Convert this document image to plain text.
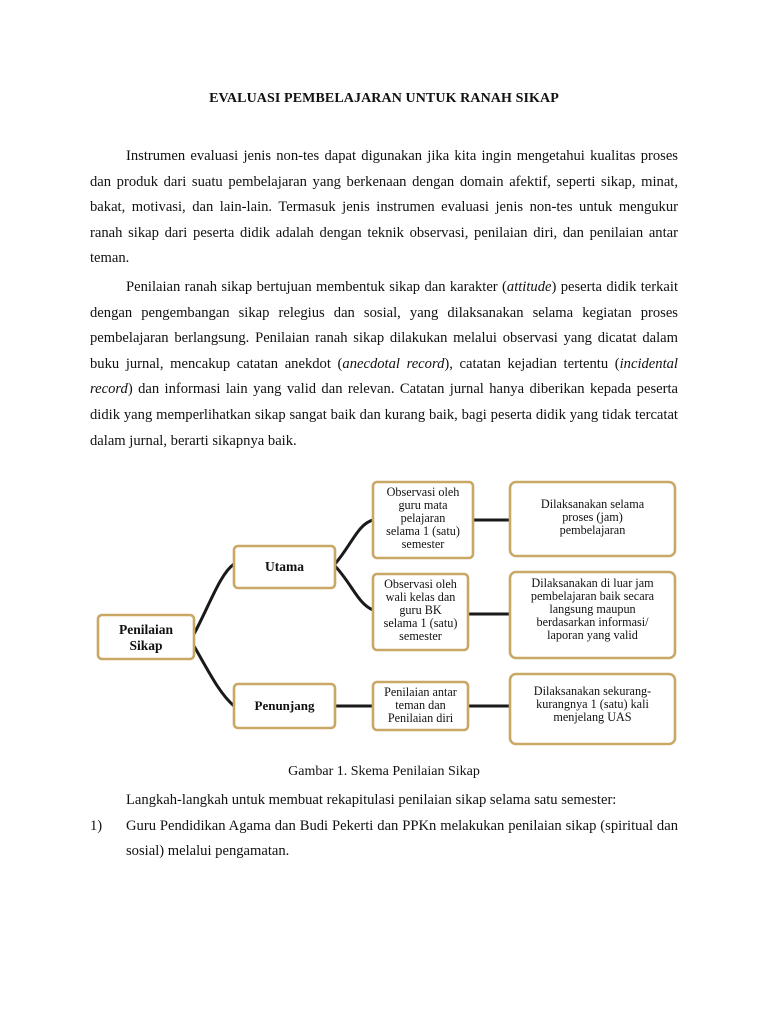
EVALUASI PEMBELAJARAN UNTUK RANAH SIKAP

Instrumen evaluasi jenis non-tes dapat digunakan jika kita ingin mengetahui kualitas proses dan produk dari suatu pembelajaran yang berkenaan dengan domain afektif, seperti sikap, minat, bakat, motivasi, dan lain-lain. Termasuk jenis instrumen evaluasi jenis non-tes untuk mengukur ranah sikap dari peserta didik adalah dengan teknik observasi, penilaian diri, dan penilaian antar teman.

Penilaian ranah sikap bertujuan membentuk sikap dan karakter (attitude) peserta didik terkait dengan pengembangan sikap relegius dan sosial, yang dilaksanakan selama kegiatan proses pembelajaran berlangsung. Penilaian ranah sikap dilakukan melalui observasi yang dicatat dalam buku jurnal, mencakup catatan anekdot (anecdotal record), catatan kejadian tertentu (incidental record) dan informasi lain yang valid dan relevan. Catatan jurnal hanya diberikan kepada peserta didik yang memperlihatkan sikap sangat baik dan kurang baik, bagi peserta didik yang tidak tercatat dalam jurnal, berarti sikapnya baik.

Penilaian
Sikap
Utama
Penunjang
Observasi oleh
guru mata
pelajaran
selama 1 (satu)
semester
Observasi oleh
wali kelas dan
guru BK
selama 1 (satu)
semester
Penilaian antar
teman dan
Penilaian diri
Dilaksanakan selama
proses (jam)
pembelajaran
Dilaksanakan di luar jam
pembelajaran baik secara
langsung maupun
berdasarkan informasi/
laporan yang valid
Dilaksanakan sekurang-
kurangnya 1 (satu) kali
menjelang UAS
Gambar 1. Skema Penilaian Sikap

Langkah-langkah untuk membuat rekapitulasi penilaian sikap selama satu semester:

1) Guru Pendidikan Agama dan Budi Pekerti dan PPKn melakukan penilaian sikap (spiritual dan sosial) melalui pengamatan.
